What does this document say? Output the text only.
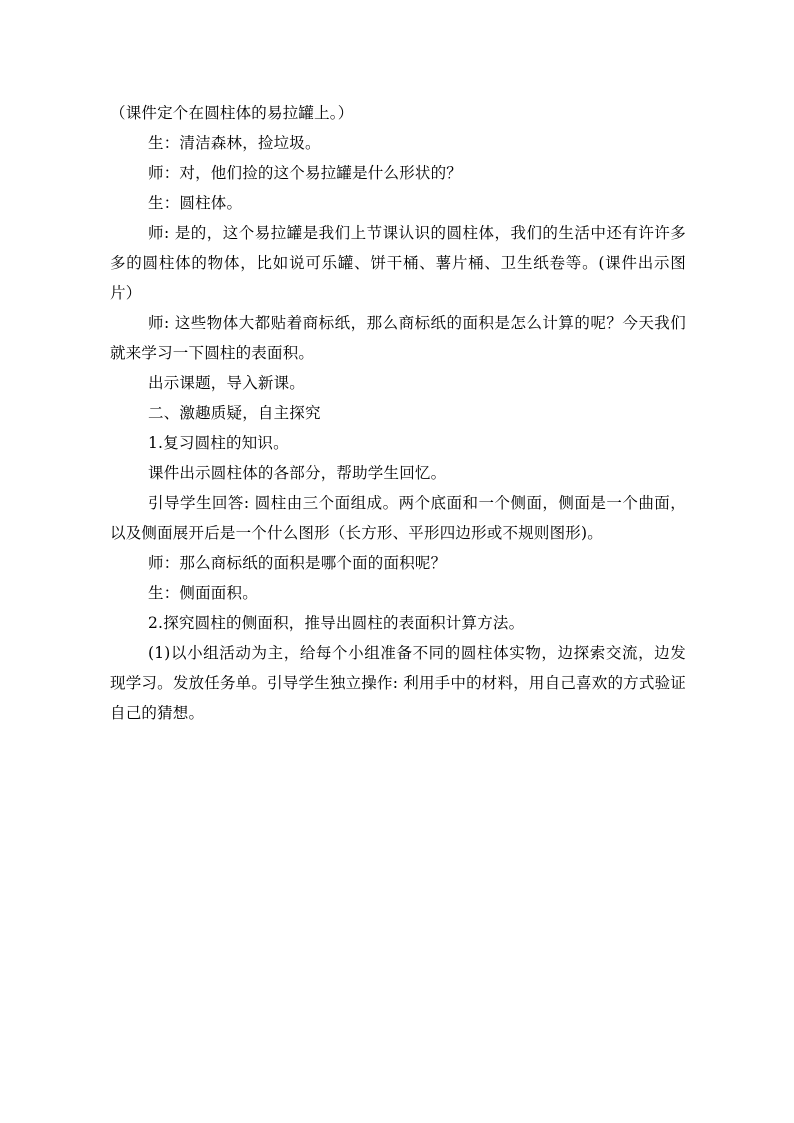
（课件定个在圆柱体的易拉罐上。）

生：清洁森林，捡垃圾。

师：对，他们捡的这个易拉罐是什么形状的？

生：圆柱体。

师: 是的，这个易拉罐是我们上节课认识的圆柱体，我们的生活中还有许许多多的圆柱体的物体，比如说可乐罐、饼干桶、薯片桶、卫生纸卷等。(课件出示图片）

师: 这些物体大都贴着商标纸，那么商标纸的面积是怎么计算的呢？今天我们就来学习一下圆柱的表面积。

出示课题，导入新课。

二、激趣质疑，自主探究

1.复习圆柱的知识。

课件出示圆柱体的各部分，帮助学生回忆。

引导学生回答: 圆柱由三个面组成。两个底面和一个侧面，侧面是一个曲面，以及侧面展开后是一个什么图形（长方形、平形四边形或不规则图形)。

师：那么商标纸的面积是哪个面的面积呢？

生：侧面面积。

2.探究圆柱的侧面积，推导出圆柱的表面积计算方法。

(1)以小组活动为主，给每个小组准备不同的圆柱体实物，边探索交流，边发现学习。发放任务单。引导学生独立操作: 利用手中的材料，用自己喜欢的方式验证自己的猜想。
